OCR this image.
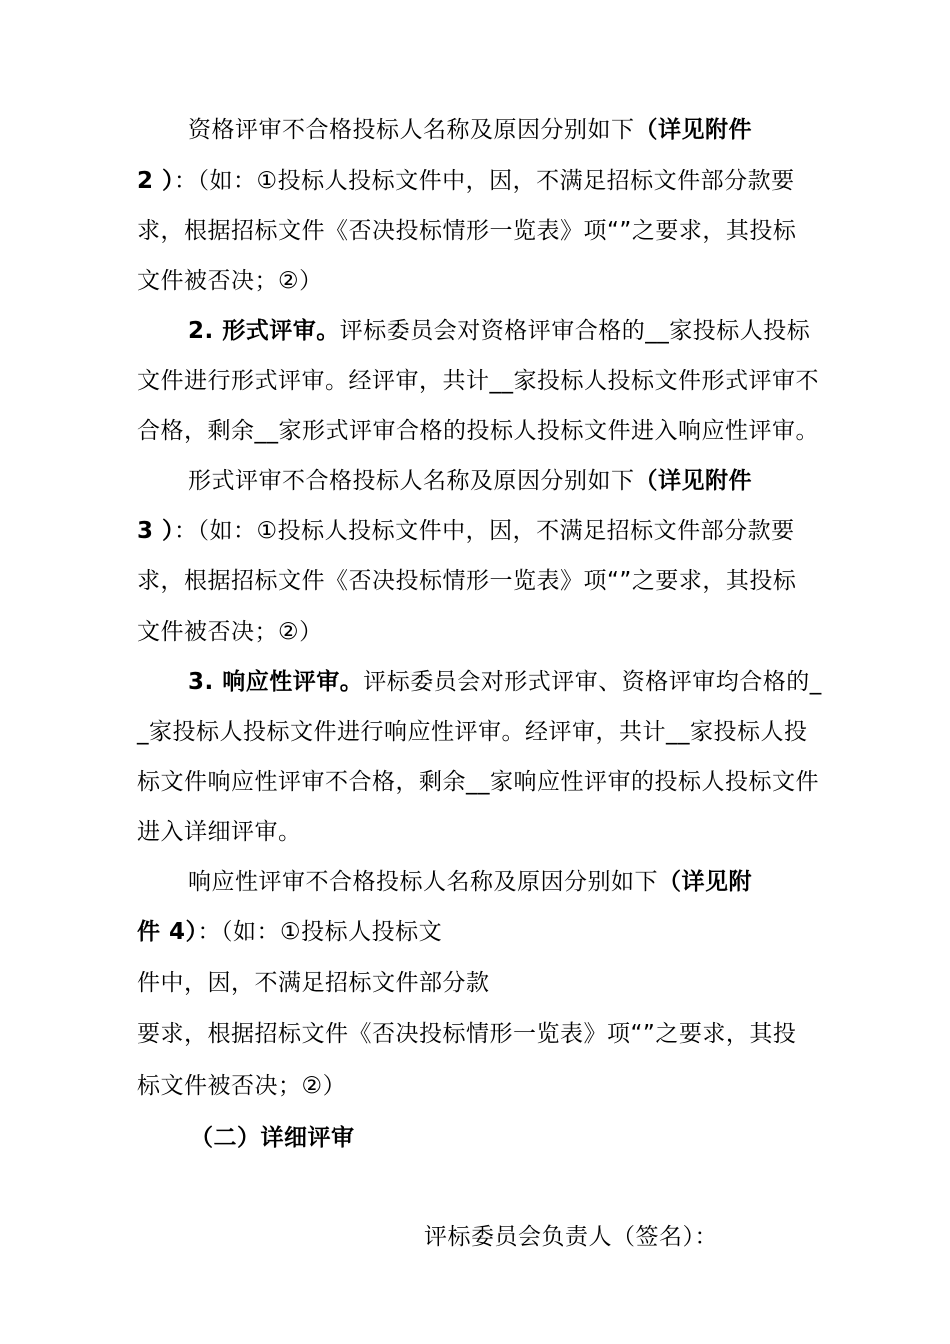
资格评审不合格投标人名称及原因分别如下（详见附件
2 ）：（如：①投标人投标文件中，因，不满足招标文件部分款要
求，根据招标文件《否决投标情形一览表》项“”之要求，其投标
文件被否决；②）
2. 形式评审。评标委员会对资格评审合格的__家投标人投标
文件进行形式评审。经评审，共计__家投标人投标文件形式评审不
合格，剩余__家形式评审合格的投标人投标文件进入响应性评审。
形式评审不合格投标人名称及原因分别如下（详见附件
3 ）：（如：①投标人投标文件中，因，不满足招标文件部分款要
求，根据招标文件《否决投标情形一览表》项“”之要求，其投标
文件被否决；②）
3. 响应性评审。评标委员会对形式评审、资格评审均合格的_
_家投标人投标文件进行响应性评审。经评审，共计__家投标人投
标文件响应性评审不合格，剩余__家响应性评审的投标人投标文件
进入详细评审。
响应性评审不合格投标人名称及原因分别如下（详见附
件 4）：（如：①投标人投标文
件中，因，不满足招标文件部分款
要求，根据招标文件《否决投标情形一览表》项“”之要求，其投
标文件被否决；②）
（二）详细评审
评标委员会负责人（签名）：
